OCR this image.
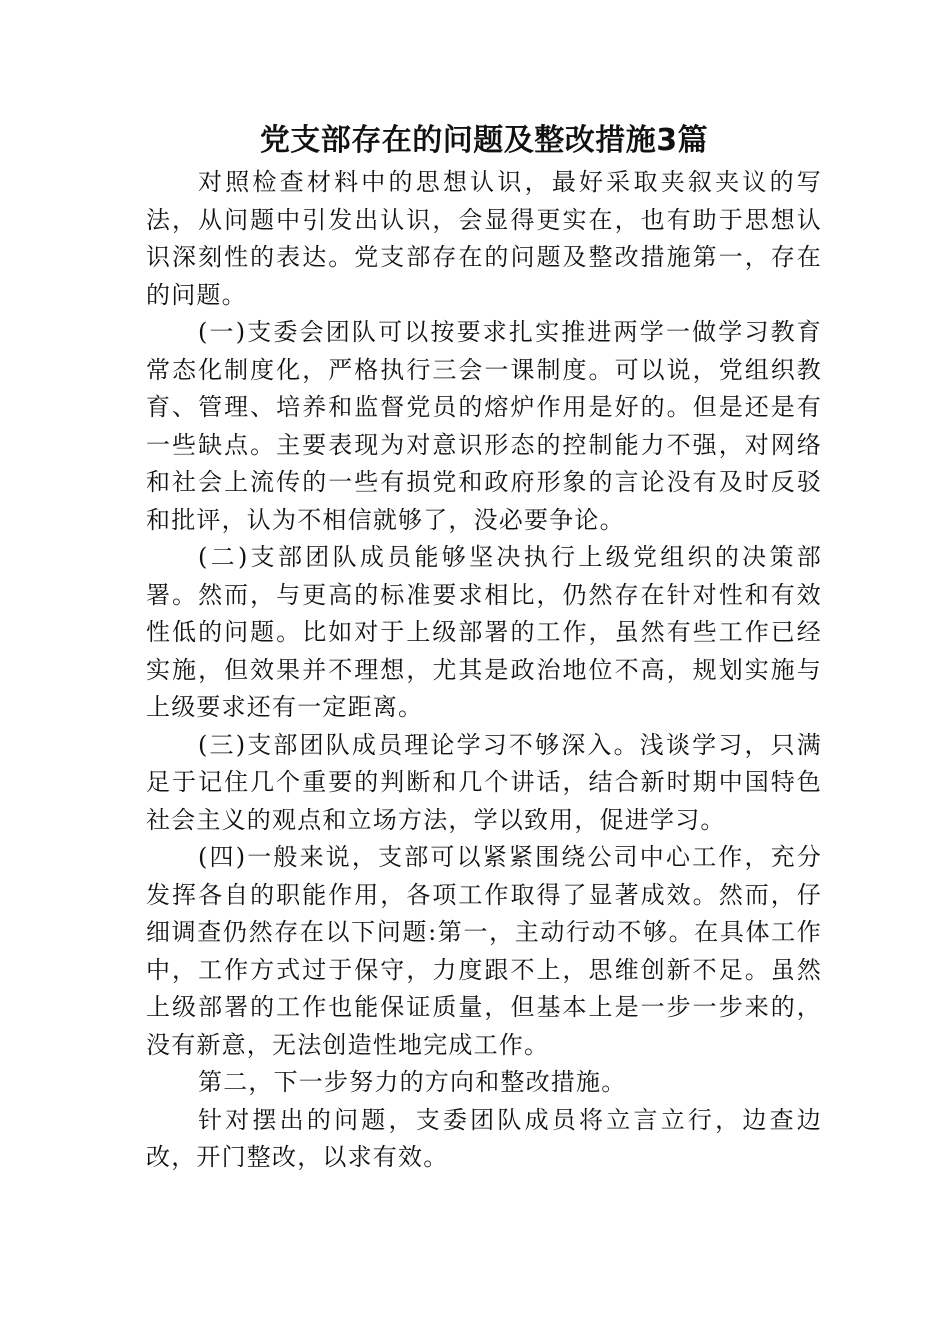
党支部存在的问题及整改措施3篇

对照检查材料中的思想认识，最好采取夹叙夹议的写法，从问题中引发出认识，会显得更实在，也有助于思想认识深刻性的表达。党支部存在的问题及整改措施第一，存在的问题。

(一)支委会团队可以按要求扎实推进两学一做学习教育常态化制度化，严格执行三会一课制度。可以说，党组织教育、管理、培养和监督党员的熔炉作用是好的。但是还是有一些缺点。主要表现为对意识形态的控制能力不强，对网络和社会上流传的一些有损党和政府形象的言论没有及时反驳和批评，认为不相信就够了，没必要争论。

(二)支部团队成员能够坚决执行上级党组织的决策部署。然而，与更高的标准要求相比，仍然存在针对性和有效性低的问题。比如对于上级部署的工作，虽然有些工作已经实施，但效果并不理想，尤其是政治地位不高，规划实施与上级要求还有一定距离。

(三)支部团队成员理论学习不够深入。浅谈学习，只满足于记住几个重要的判断和几个讲话，结合新时期中国特色社会主义的观点和立场方法，学以致用，促进学习。

(四)一般来说，支部可以紧紧围绕公司中心工作，充分发挥各自的职能作用，各项工作取得了显著成效。然而，仔细调查仍然存在以下问题:第一，主动行动不够。在具体工作中，工作方式过于保守，力度跟不上，思维创新不足。虽然上级部署的工作也能保证质量，但基本上是一步一步来的，没有新意，无法创造性地完成工作。

第二，下一步努力的方向和整改措施。

针对摆出的问题，支委团队成员将立言立行，边查边改，开门整改，以求有效。
